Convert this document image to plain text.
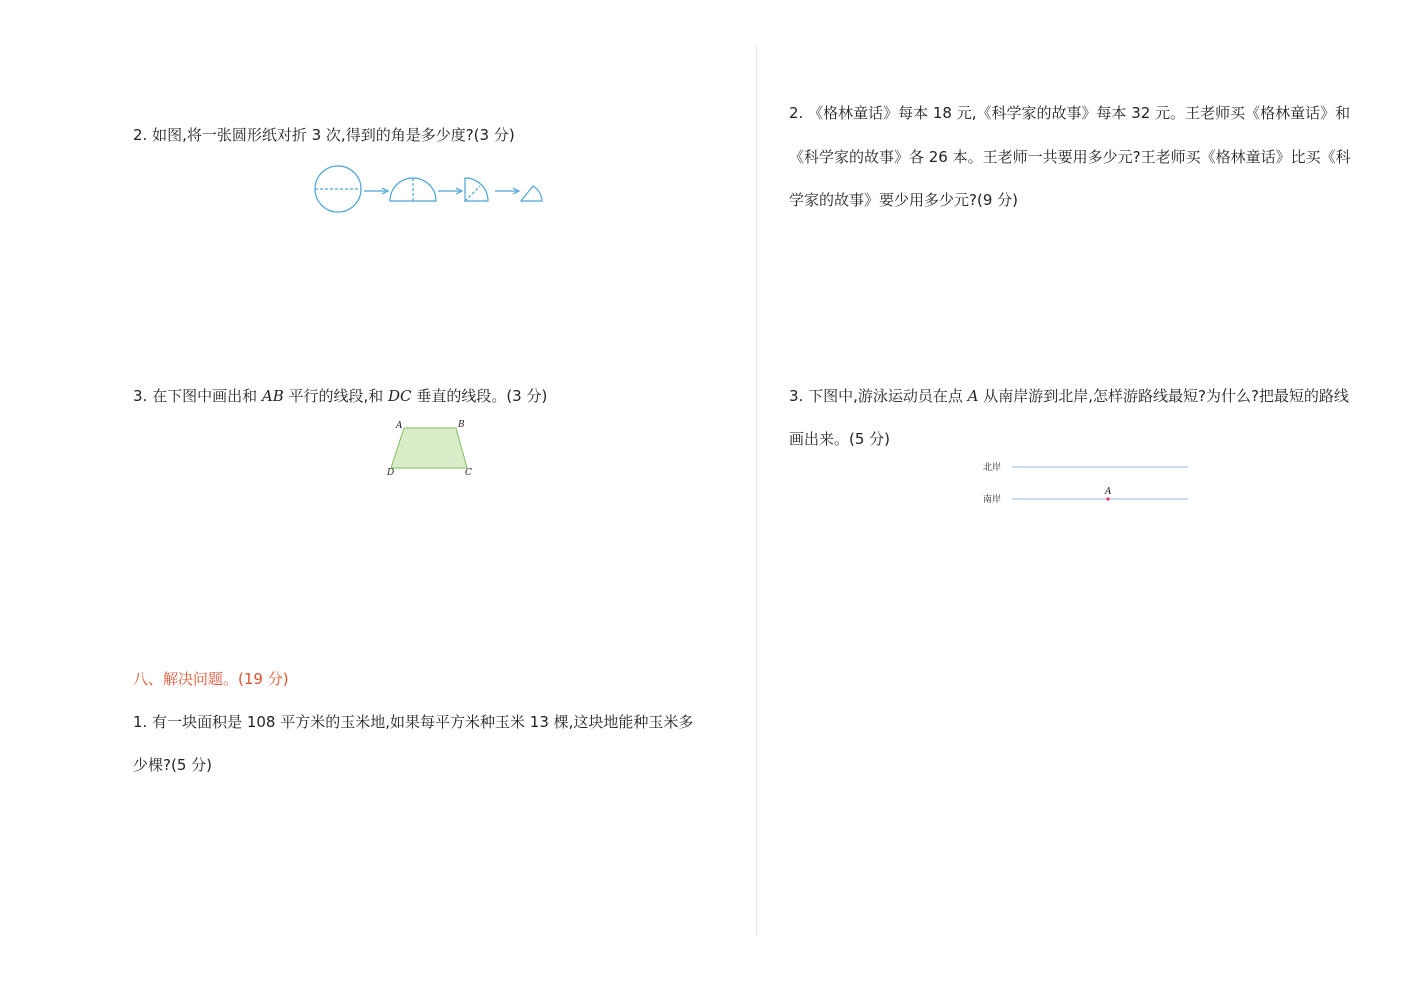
2. 如图,将一张圆形纸对折 3 次,得到的角是多少度?(3 分)
3. 在下图中画出和 AB 平行的线段,和 DC 垂直的线段。(3 分)
A	B
C
D
八、解决问题。(19 分)
1. 有一块面积是 108 平方米的玉米地,如果每平方米种玉米 13 棵,这块地能种玉米多
少棵?(5 分)
2. 《格林童话》每本 18 元,《科学家的故事》每本 32 元。王老师买《格林童话》和
《科学家的故事》各 26 本。王老师一共要用多少元?王老师买《格林童话》比买《科
学家的故事》要少用多少元?(9 分)
3. 下图中,游泳运动员在点 A 从南岸游到北岸,怎样游路线最短?为什么?把最短的路线
画出来。(5 分)
北岸
南岸
A
